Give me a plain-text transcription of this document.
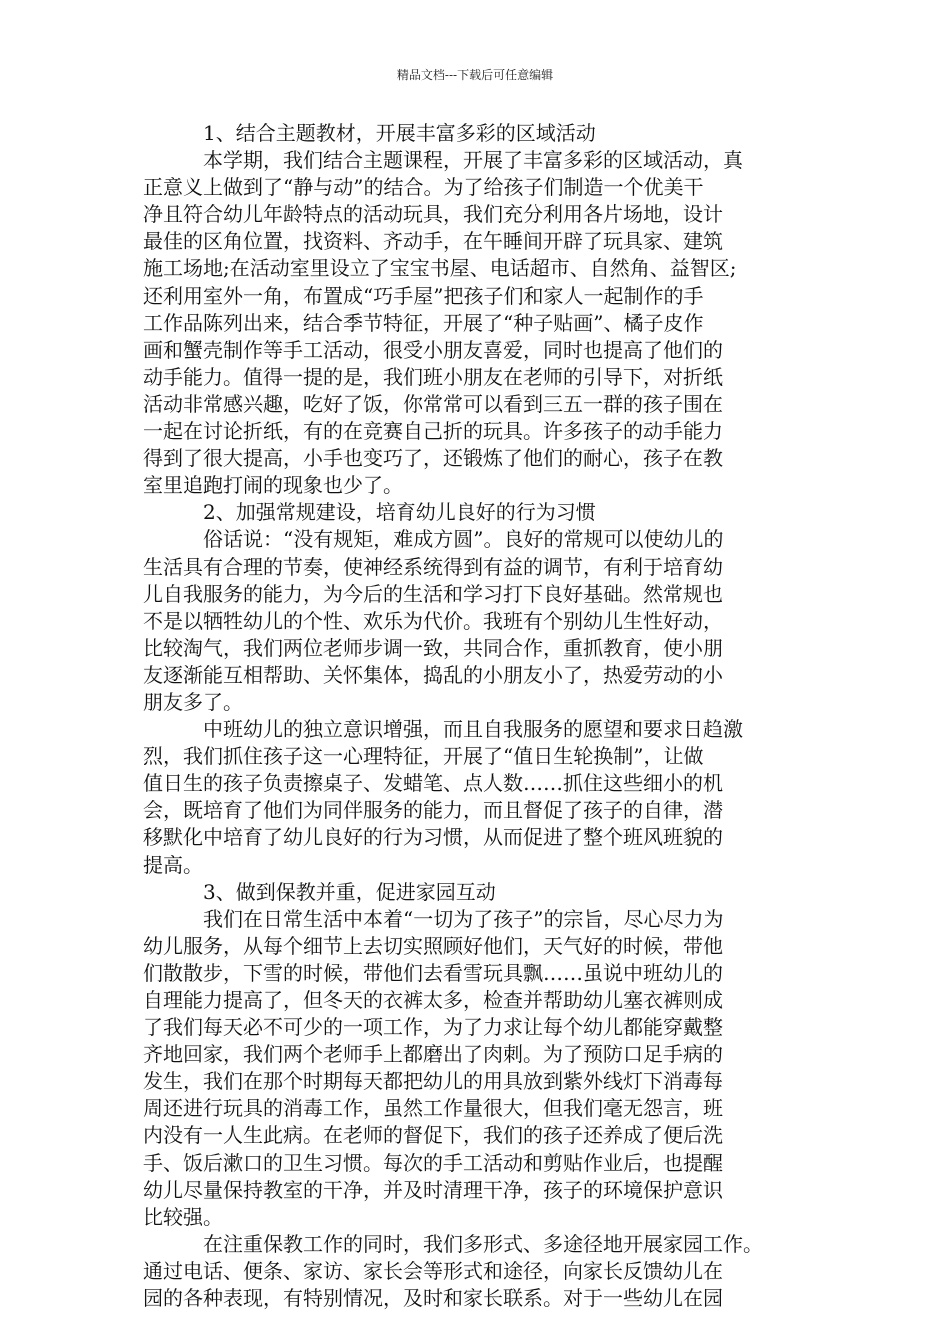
精品文档---下载后可任意编辑
1、结合主题教材，开展丰富多彩的区域活动
本学期，我们结合主题课程，开展了丰富多彩的区域活动，真
正意义上做到了“静与动”的结合。为了给孩子们制造一个优美干
净且符合幼儿年龄特点的活动玩具，我们充分利用各片场地，设计
最佳的区角位置，找资料、齐动手，在午睡间开辟了玩具家、建筑
施工场地;在活动室里设立了宝宝书屋、电话超市、自然角、益智区;
还利用室外一角，布置成“巧手屋”把孩子们和家人一起制作的手
工作品陈列出来，结合季节特征，开展了“种子贴画”、橘子皮作
画和蟹壳制作等手工活动，很受小朋友喜爱，同时也提高了他们的
动手能力。值得一提的是，我们班小朋友在老师的引导下，对折纸
活动非常感兴趣，吃好了饭，你常常可以看到三五一群的孩子围在
一起在讨论折纸，有的在竞赛自己折的玩具。许多孩子的动手能力
得到了很大提高，小手也变巧了，还锻炼了他们的耐心，孩子在教
室里追跑打闹的现象也少了。
2、加强常规建设，培育幼儿良好的行为习惯
俗话说：“没有规矩，难成方圆”。良好的常规可以使幼儿的
生活具有合理的节奏，使神经系统得到有益的调节，有利于培育幼
儿自我服务的能力，为今后的生活和学习打下良好基础。然常规也
不是以牺牲幼儿的个性、欢乐为代价。我班有个别幼儿生性好动，
比较淘气，我们两位老师步调一致，共同合作，重抓教育，使小朋
友逐渐能互相帮助、关怀集体，捣乱的小朋友小了，热爱劳动的小
朋友多了。
中班幼儿的独立意识增强，而且自我服务的愿望和要求日趋激
烈，我们抓住孩子这一心理特征，开展了“值日生轮换制”，让做
值日生的孩子负责擦桌子、发蜡笔、点人数……抓住这些细小的机
会，既培育了他们为同伴服务的能力，而且督促了孩子的自律，潜
移默化中培育了幼儿良好的行为习惯，从而促进了整个班风班貌的
提高。
3、做到保教并重，促进家园互动
我们在日常生活中本着“一切为了孩子”的宗旨，尽心尽力为
幼儿服务，从每个细节上去切实照顾好他们，天气好的时候，带他
们散散步，下雪的时候，带他们去看雪玩具飘……虽说中班幼儿的
自理能力提高了，但冬天的衣裤太多，检查并帮助幼儿塞衣裤则成
了我们每天必不可少的一项工作，为了力求让每个幼儿都能穿戴整
齐地回家，我们两个老师手上都磨出了肉刺。为了预防口足手病的
发生，我们在那个时期每天都把幼儿的用具放到紫外线灯下消毒每
周还进行玩具的消毒工作，虽然工作量很大，但我们毫无怨言，班
内没有一人生此病。在老师的督促下，我们的孩子还养成了便后洗
手、饭后漱口的卫生习惯。每次的手工活动和剪贴作业后，也提醒
幼儿尽量保持教室的干净，并及时清理干净，孩子的环境保护意识
比较强。
在注重保教工作的同时，我们多形式、多途径地开展家园工作。
通过电话、便条、家访、家长会等形式和途径，向家长反馈幼儿在
园的各种表现，有特别情况，及时和家长联系。对于一些幼儿在园
